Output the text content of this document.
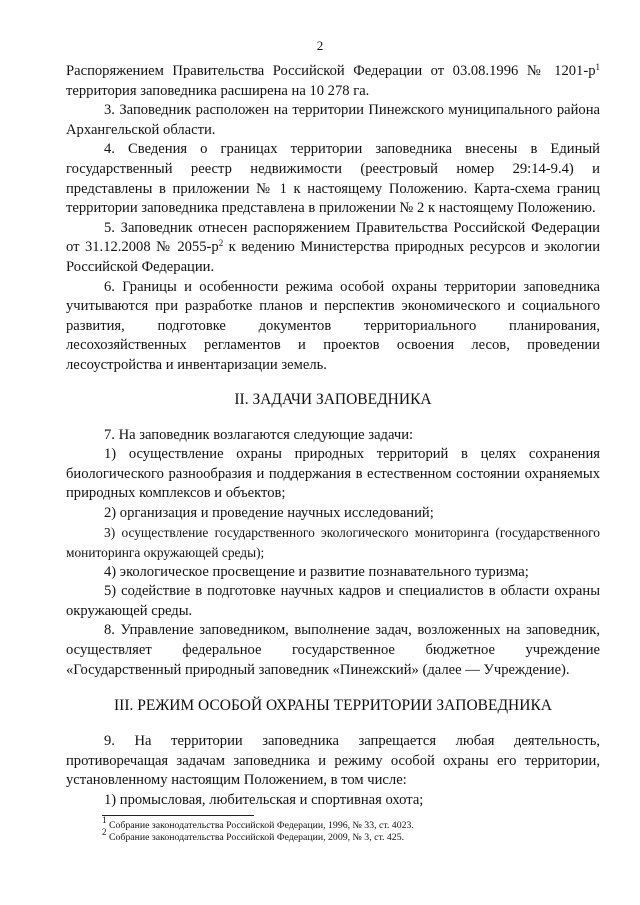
2

Распоряжением Правительства Российской Федерации от 03.08.1996 № $1201-р^1$ территория заповедника расширена на 10 278 га.

3. Заповедник расположен на территории Пинежского муниципального района Архангельской области.

4. Сведения о границах территории заповедника внесены в Единый государственный реестр недвижимости (реестровый номер 29:14-9.4) и представлены в приложении № 1 к настоящему Положению. Карта-схема границ территории заповедника представлена в приложении № 2 к настоящему Положению.

5. Заповедник отнесен распоряжением Правительства Российской Федерации от 31.12.2008 № $2055-р^2$ к ведению Министерства природных ресурсов и экологии Российской Федерации.

6. Границы и особенности режима особой охраны территории заповедника учитываются при разработке планов и перспектив экономического и социального развития, подготовке документов территориального планирования, лесохозяйственных регламентов и проектов освоения лесов, проведении лесоустройства и инвентаризации земель.

II. ЗАДАЧИ ЗАПОВЕДНИКА

7. На заповедник возлагаются следующие задачи:

1) осуществление охраны природных территорий в целях сохранения биологического разнообразия и поддержания в естественном состоянии охраняемых природных комплексов и объектов;

2) организация и проведение научных исследований;

3) осуществление государственного экологического мониторинга (государственного мониторинга окружающей среды);

4) экологическое просвещение и развитие познавательного туризма;

5) содействие в подготовке научных кадров и специалистов в области охраны окружающей среды.

8. Управление заповедником, выполнение задач, возложенных на заповедник, осуществляет федеральное государственное бюджетное учреждение «Государственный природный заповедник «Пинежский» (далее — Учреждение).

III. РЕЖИМ ОСОБОЙ ОХРАНЫ ТЕРРИТОРИИ ЗАПОВЕДНИКА

9. На территории заповедника запрещается любая деятельность, противоречащая задачам заповедника и режиму особой охраны его территории, установленному настоящим Положением, в том числе:

1) промысловая, любительская и спортивная охота;

$^1$ Собрание законодательства Российской Федерации, 1996, № 33, ст. 4023.
$^2$ Собрание законодательства Российской Федерации, 2009, № 3, ст. 425.
